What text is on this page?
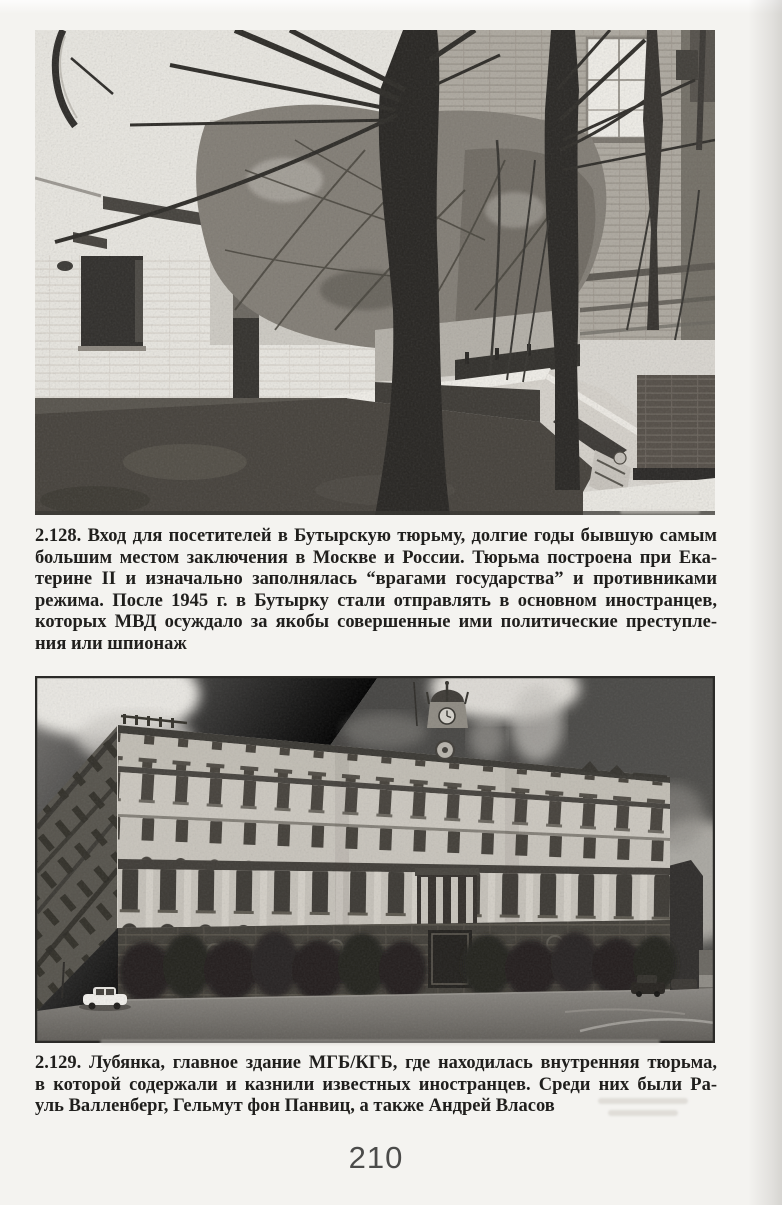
2.128. Вход для посетителей в Бутырскую тюрьму, долгие годы бывшую самым
большим местом заключения в Москве и России. Тюрьма построена при Ека-
терине II и изначально заполнялась “врагами государства” и противниками
режима. После 1945 г. в Бутырку стали отправлять в основном иностранцев,
которых МВД осуждало за якобы совершенные ими политические преступле-
ния или шпионаж
2.129. Лубянка, главное здание МГБ/КГБ, где находилась внутренняя тюрьма,
в которой содержали и казнили известных иностранцев. Среди них были Ра-
уль Валленберг, Гельмут фон Панвиц, а также Андрей Власов
210
